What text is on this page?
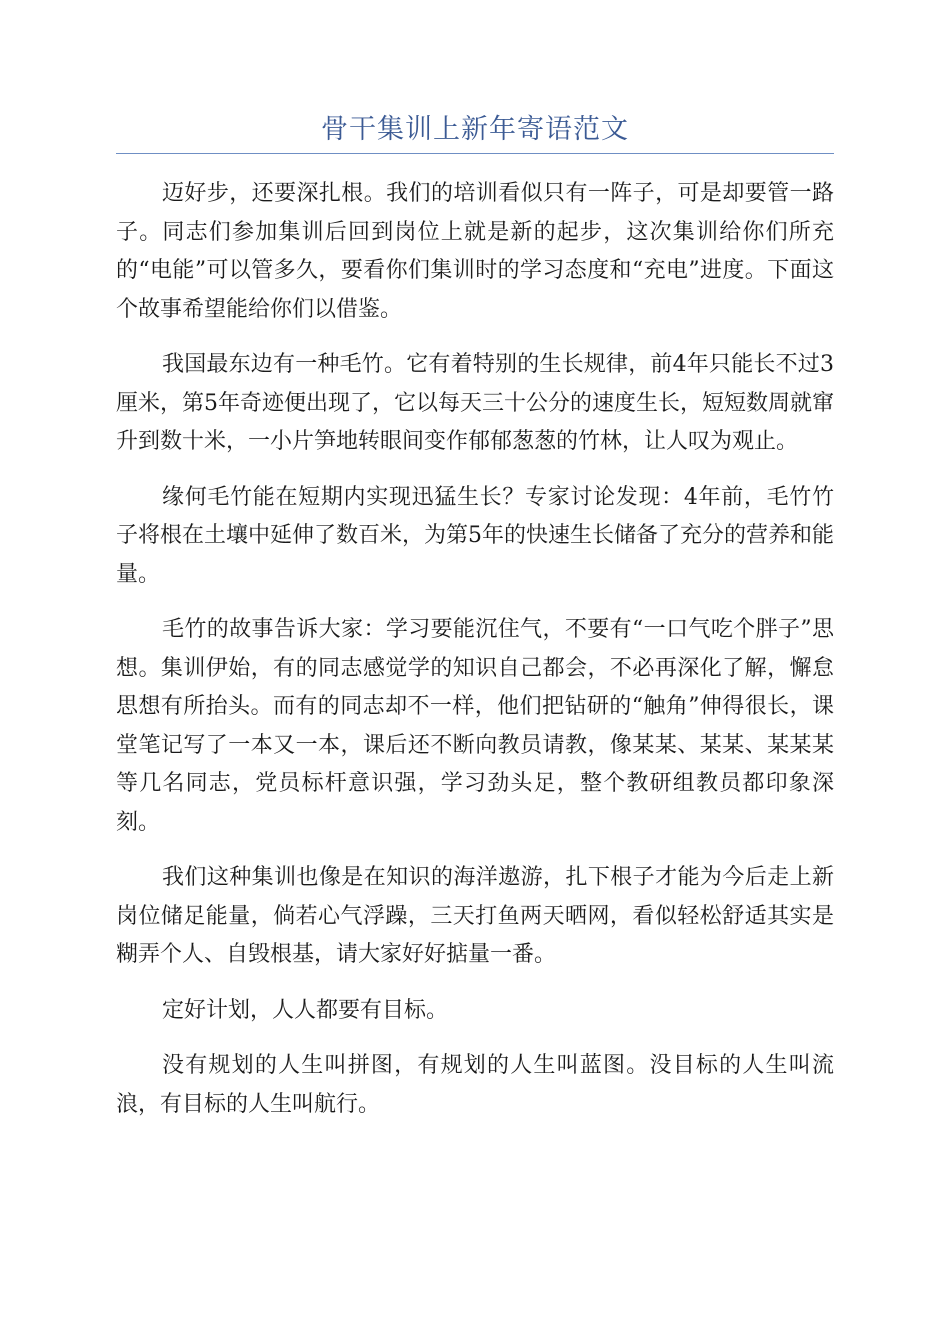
骨干集训上新年寄语范文

迈好步，还要深扎根。我们的培训看似只有一阵子，可是却要管一路子。同志们参加集训后回到岗位上就是新的起步，这次集训给你们所充的“电能”可以管多久，要看你们集训时的学习态度和“充电”进度。下面这个故事希望能给你们以借鉴。

我国最东边有一种毛竹。它有着特别的生长规律，前4年只能长不过3厘米，第5年奇迹便出现了，它以每天三十公分的速度生长，短短数周就窜升到数十米，一小片笋地转眼间变作郁郁葱葱的竹林，让人叹为观止。

缘何毛竹能在短期内实现迅猛生长？专家讨论发现：4年前，毛竹竹子将根在土壤中延伸了数百米，为第5年的快速生长储备了充分的营养和能量。

毛竹的故事告诉大家：学习要能沉住气，不要有“一口气吃个胖子”思想。集训伊始，有的同志感觉学的知识自己都会，不必再深化了解，懈怠思想有所抬头。而有的同志却不一样，他们把钻研的“触角”伸得很长，课堂笔记写了一本又一本，课后还不断向教员请教，像某某、某某、某某某等几名同志，党员标杆意识强，学习劲头足，整个教研组教员都印象深刻。

我们这种集训也像是在知识的海洋遨游，扎下根子才能为今后走上新岗位储足能量，倘若心气浮躁，三天打鱼两天晒网，看似轻松舒适其实是糊弄个人、自毁根基，请大家好好掂量一番。

定好计划，人人都要有目标。

没有规划的人生叫拼图，有规划的人生叫蓝图。没目标的人生叫流浪，有目标的人生叫航行。
